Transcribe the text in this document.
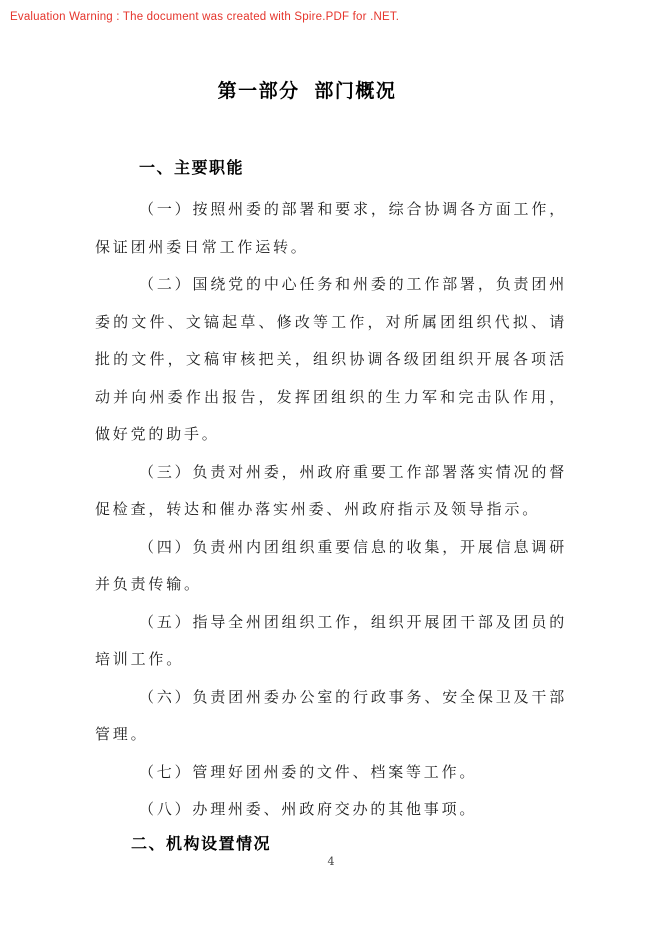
Evaluation Warning : The document was created with Spire.PDF for .NET.
第一部分 部门概况
一、主要职能

（一）按照州委的部署和要求，综合协调各方面工作，保证团州委日常工作运转。

（二）国绕党的中心任务和州委的工作部署，负责团州委的文件、文镐起草、修改等工作，对所属团组织代拟、请批的文件，文稿审核把关，组织协调各级团组织开展各项活动并向州委作出报告，发挥团组织的生力军和完击队作用，做好党的助手。

（三）负责对州委，州政府重要工作部署落实情况的督促检查，转达和催办落实州委、州政府指示及领导指示。

（四）负责州内团组织重要信息的收集，开展信息调研并负责传输。

（五）指导全州团组织工作，组织开展团干部及团员的培训工作。

（六）负责团州委办公室的行政事务、安全保卫及干部管理。

（七）管理好团州委的文件、档案等工作。

（八）办理州委、州政府交办的其他事项。

二、机构设置情况
4
